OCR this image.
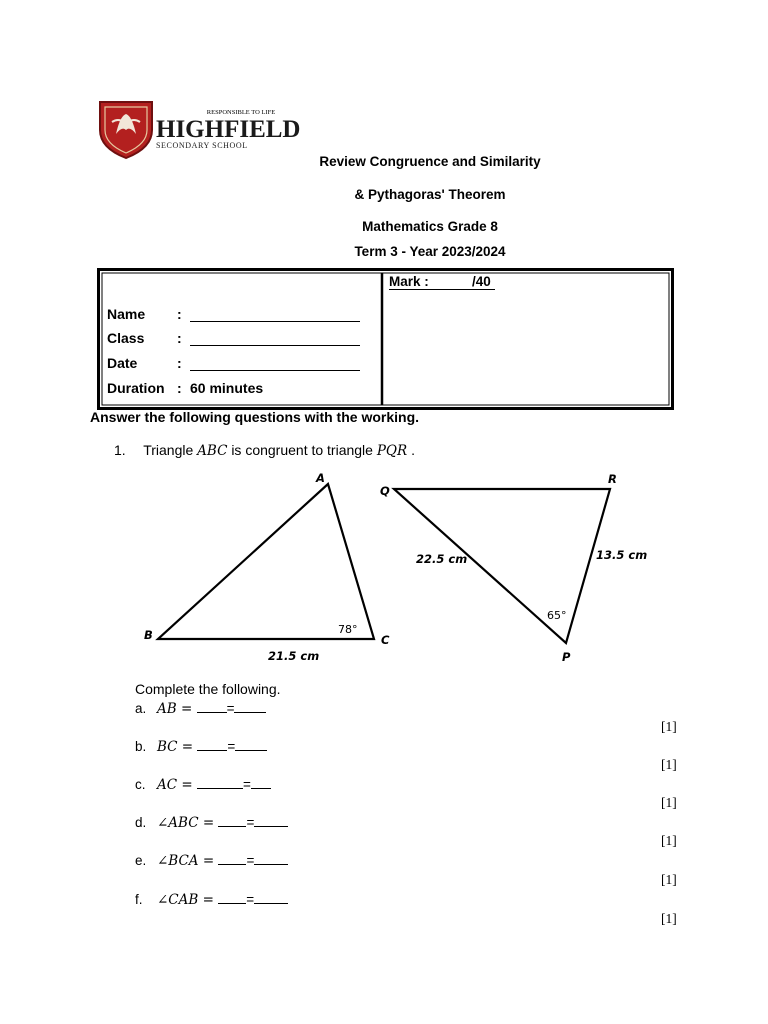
RESPONSIBLE TO LIFE
HIGHFIELD
SECONDARY SCHOOL
Review Congruence and Similarity
& Pythagoras' Theorem
Mathematics Grade 8
Term 3 - Year 2023/2024
Name :
Class :
Date	:
Duration : 60 minutes
Mark :	/40
Answer the following questions with the working.
1. Triangle ABC is congruent to triangle PQR .
A
B	C
21.5 cm
78°
Q
R
P
22.5 cm	13.5 cm
65°
Complete the following.
a. AB = =
[1]
b. BC = =
[1]
c. AC =	=
[1]
d. ∠ABC = =
[1]
e. ∠BCA = =
[1]
f. ∠CAB = =
[1]
